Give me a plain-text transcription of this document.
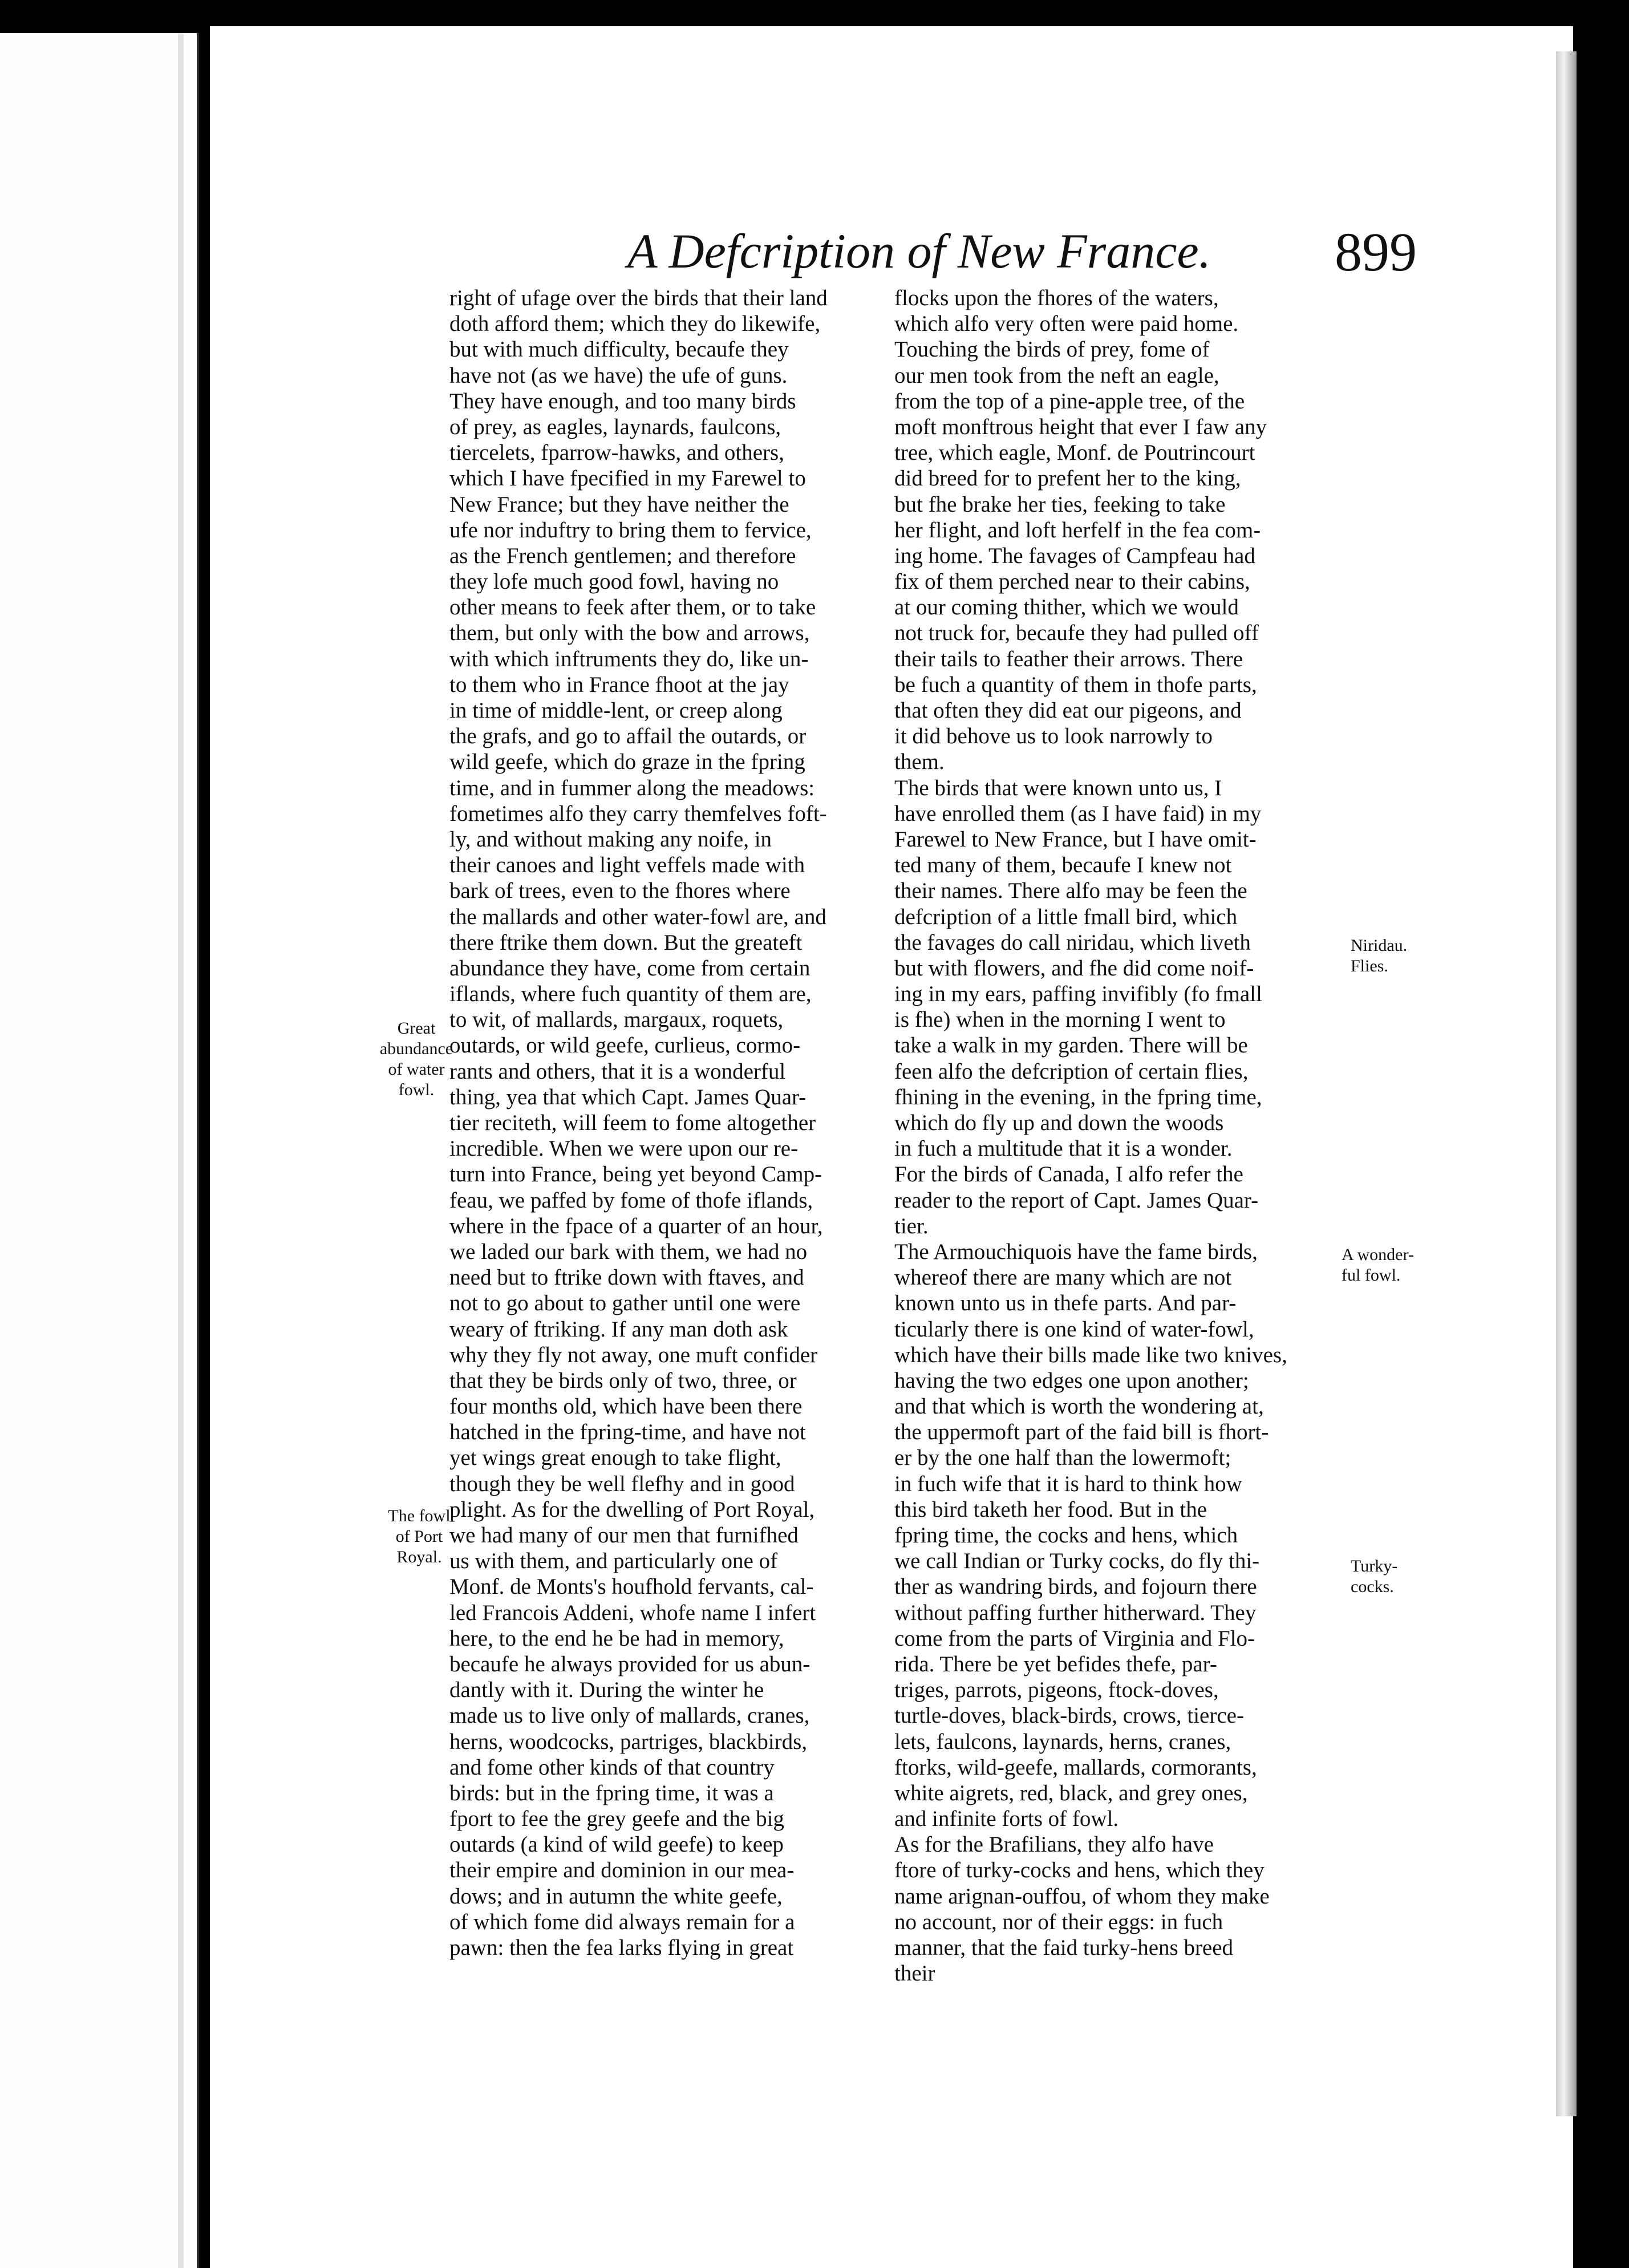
A Defcription of New France. 899
right of ufage over the birds that their land
doth afford them; which they do likewife,
but with much difficulty, becaufe they
have not (as we have) the ufe of guns.
They have enough, and too many birds
of prey, as eagles, laynards, faulcons,
tiercelets, fparrow-hawks, and others,
which I have fpecified in my Farewel to
New France; but they have neither the
ufe nor induftry to bring them to fervice,
as the French gentlemen; and therefore
they lofe much good fowl, having no
other means to feek after them, or to take
them, but only with the bow and arrows,
with which inftruments they do, like un-
to them who in France fhoot at the jay
in time of middle-lent, or creep along
the grafs, and go to affail the outards, or
wild geefe, which do graze in the fpring
time, and in fummer along the meadows:
fometimes alfo they carry themfelves foft-
ly, and without making any noife, in
their canoes and light veffels made with
bark of trees, even to the fhores where
the mallards and other water-fowl are, and
there ftrike them down. But the greateft
abundance they have, come from certain
iflands, where fuch quantity of them are,
to wit, of mallards, margaux, roquets,
outards, or wild geefe, curlieus, cormo-
rants and others, that it is a wonderful
thing, yea that which Capt. James Quar-
tier reciteth, will feem to fome altogether
incredible. When we were upon our re-
turn into France, being yet beyond Camp-
feau, we paffed by fome of thofe iflands,
where in the fpace of a quarter of an hour,
we laded our bark with them, we had no
need but to ftrike down with ftaves, and
not to go about to gather until one were
weary of ftriking. If any man doth ask
why they fly not away, one muft confider
that they be birds only of two, three, or
four months old, which have been there
hatched in the fpring-time, and have not
yet wings great enough to take flight,
though they be well flefhy and in good
plight. As for the dwelling of Port Royal,
we had many of our men that furnifhed
us with them, and particularly one of
Monf. de Monts's houfhold fervants, cal-
led Francois Addeni, whofe name I infert
here, to the end he be had in memory,
becaufe he always provided for us abun-
dantly with it. During the winter he
made us to live only of mallards, cranes,
herns, woodcocks, partriges, blackbirds,
and fome other kinds of that country
birds: but in the fpring time, it was a
fport to fee the grey geefe and the big
outards (a kind of wild geefe) to keep
their empire and dominion in our mea-
dows; and in autumn the white geefe,
of which fome did always remain for a
pawn: then the fea larks flying in great
flocks upon the fhores of the waters,
which alfo very often were paid home.
Touching the birds of prey, fome of
our men took from the neft an eagle,
from the top of a pine-apple tree, of the
moft monftrous height that ever I faw any
tree, which eagle, Monf. de Poutrincourt
did breed for to prefent her to the king,
but fhe brake her ties, feeking to take
her flight, and loft herfelf in the fea com-
ing home. The favages of Campfeau had
fix of them perched near to their cabins,
at our coming thither, which we would
not truck for, becaufe they had pulled off
their tails to feather their arrows. There
be fuch a quantity of them in thofe parts,
that often they did eat our pigeons, and
it did behove us to look narrowly to
them.
The birds that were known unto us, I
have enrolled them (as I have faid) in my
Farewel to New France, but I have omit-
ted many of them, becaufe I knew not
their names. There alfo may be feen the
defcription of a little fmall bird, which
the favages do call niridau, which liveth
but with flowers, and fhe did come noif-
ing in my ears, paffing invifibly (fo fmall
is fhe) when in the morning I went to
take a walk in my garden. There will be
feen alfo the defcription of certain flies,
fhining in the evening, in the fpring time,
which do fly up and down the woods
in fuch a multitude that it is a wonder.
For the birds of Canada, I alfo refer the
reader to the report of Capt. James Quar-
tier.
The Armouchiquois have the fame birds,
whereof there are many which are not
known unto us in thefe parts. And par-
ticularly there is one kind of water-fowl,
which have their bills made like two knives,
having the two edges one upon another;
and that which is worth the wondering at,
the uppermoft part of the faid bill is fhort-
er by the one half than the lowermoft;
in fuch wife that it is hard to think how
this bird taketh her food. But in the
fpring time, the cocks and hens, which
we call Indian or Turky cocks, do fly thi-
ther as wandring birds, and fojourn there
without paffing further hitherward. They
come from the parts of Virginia and Flo-
rida. There be yet befides thefe, par-
triges, parrots, pigeons, ftock-doves,
turtle-doves, black-birds, crows, tierce-
lets, faulcons, laynards, herns, cranes,
ftorks, wild-geefe, mallards, cormorants,
white aigrets, red, black, and grey ones,
and infinite forts of fowl.
As for the Brafilians, they alfo have
ftore of turky-cocks and hens, which they
name arignan-ouffou, of whom they make
no account, nor of their eggs: in fuch
manner, that the faid turky-hens breed
their
Great
abundance
of water
fowl.
The fowl
of Port
Royal.
Niridau.
Flies.
A wonder-
ful fowl.
Turky-
cocks.
